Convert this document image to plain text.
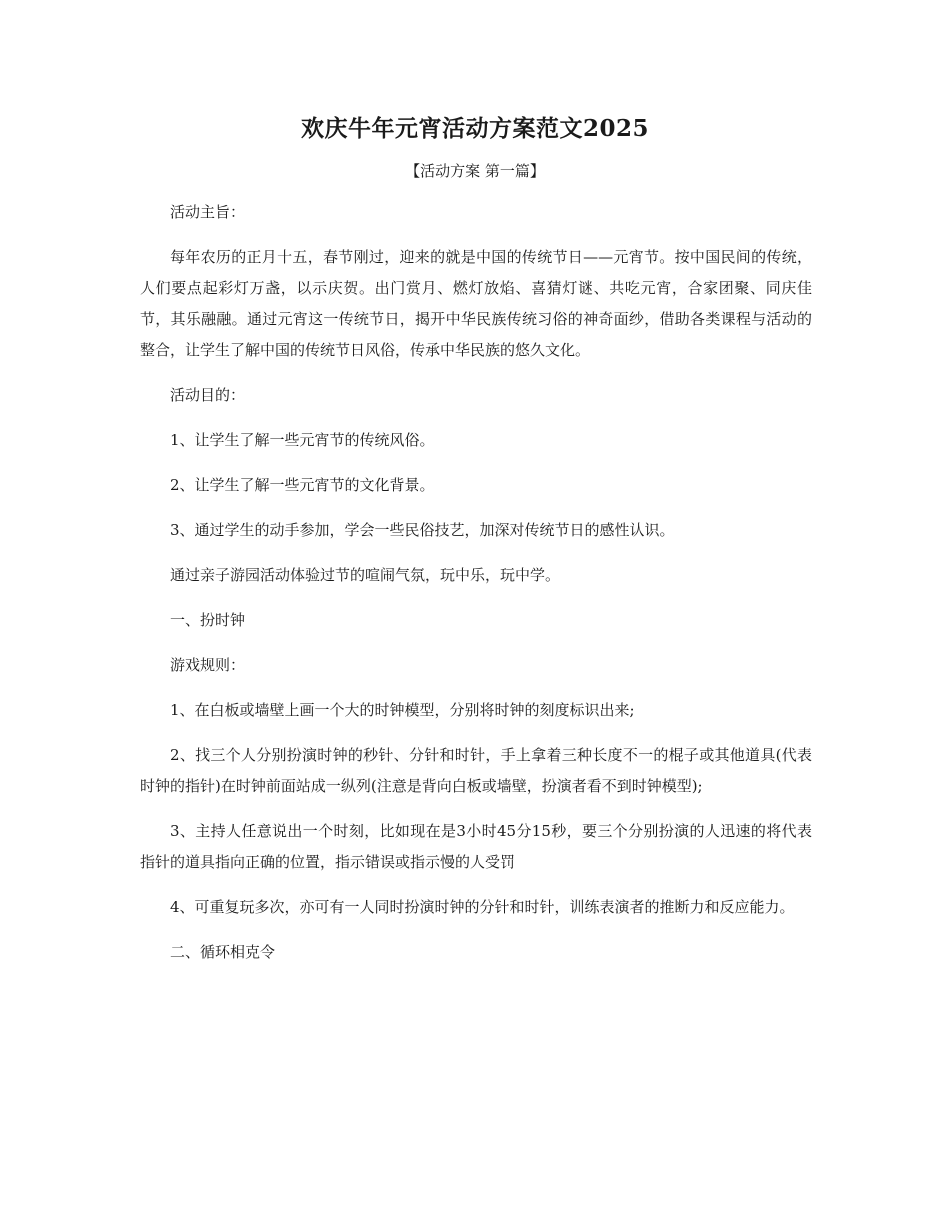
欢庆牛年元宵活动方案范文2025
【活动方案 第一篇】

活动主旨：

每年农历的正月十五，春节刚过，迎来的就是中国的传统节日——元宵节。按中国民间的传统，人们要点起彩灯万盏，以示庆贺。出门赏月、燃灯放焰、喜猜灯谜、共吃元宵，合家团聚、同庆佳节，其乐融融。通过元宵这一传统节日，揭开中华民族传统习俗的神奇面纱，借助各类课程与活动的整合，让学生了解中国的传统节日风俗，传承中华民族的悠久文化。

活动目的：

1、让学生了解一些元宵节的传统风俗。

2、让学生了解一些元宵节的文化背景。

3、通过学生的动手参加，学会一些民俗技艺，加深对传统节日的感性认识。

通过亲子游园活动体验过节的喧闹气氛，玩中乐，玩中学。

一、扮时钟

游戏规则：

1、在白板或墙壁上画一个大的时钟模型，分别将时钟的刻度标识出来;

2、找三个人分别扮演时钟的秒针、分针和时针，手上拿着三种长度不一的棍子或其他道具(代表时钟的指针)在时钟前面站成一纵列(注意是背向白板或墙壁，扮演者看不到时钟模型);

3、主持人任意说出一个时刻，比如现在是3小时45分15秒，要三个分别扮演的人迅速的将代表指针的道具指向正确的位置，指示错误或指示慢的人受罚

4、可重复玩多次，亦可有一人同时扮演时钟的分针和时针，训练表演者的推断力和反应能力。

二、循环相克令
